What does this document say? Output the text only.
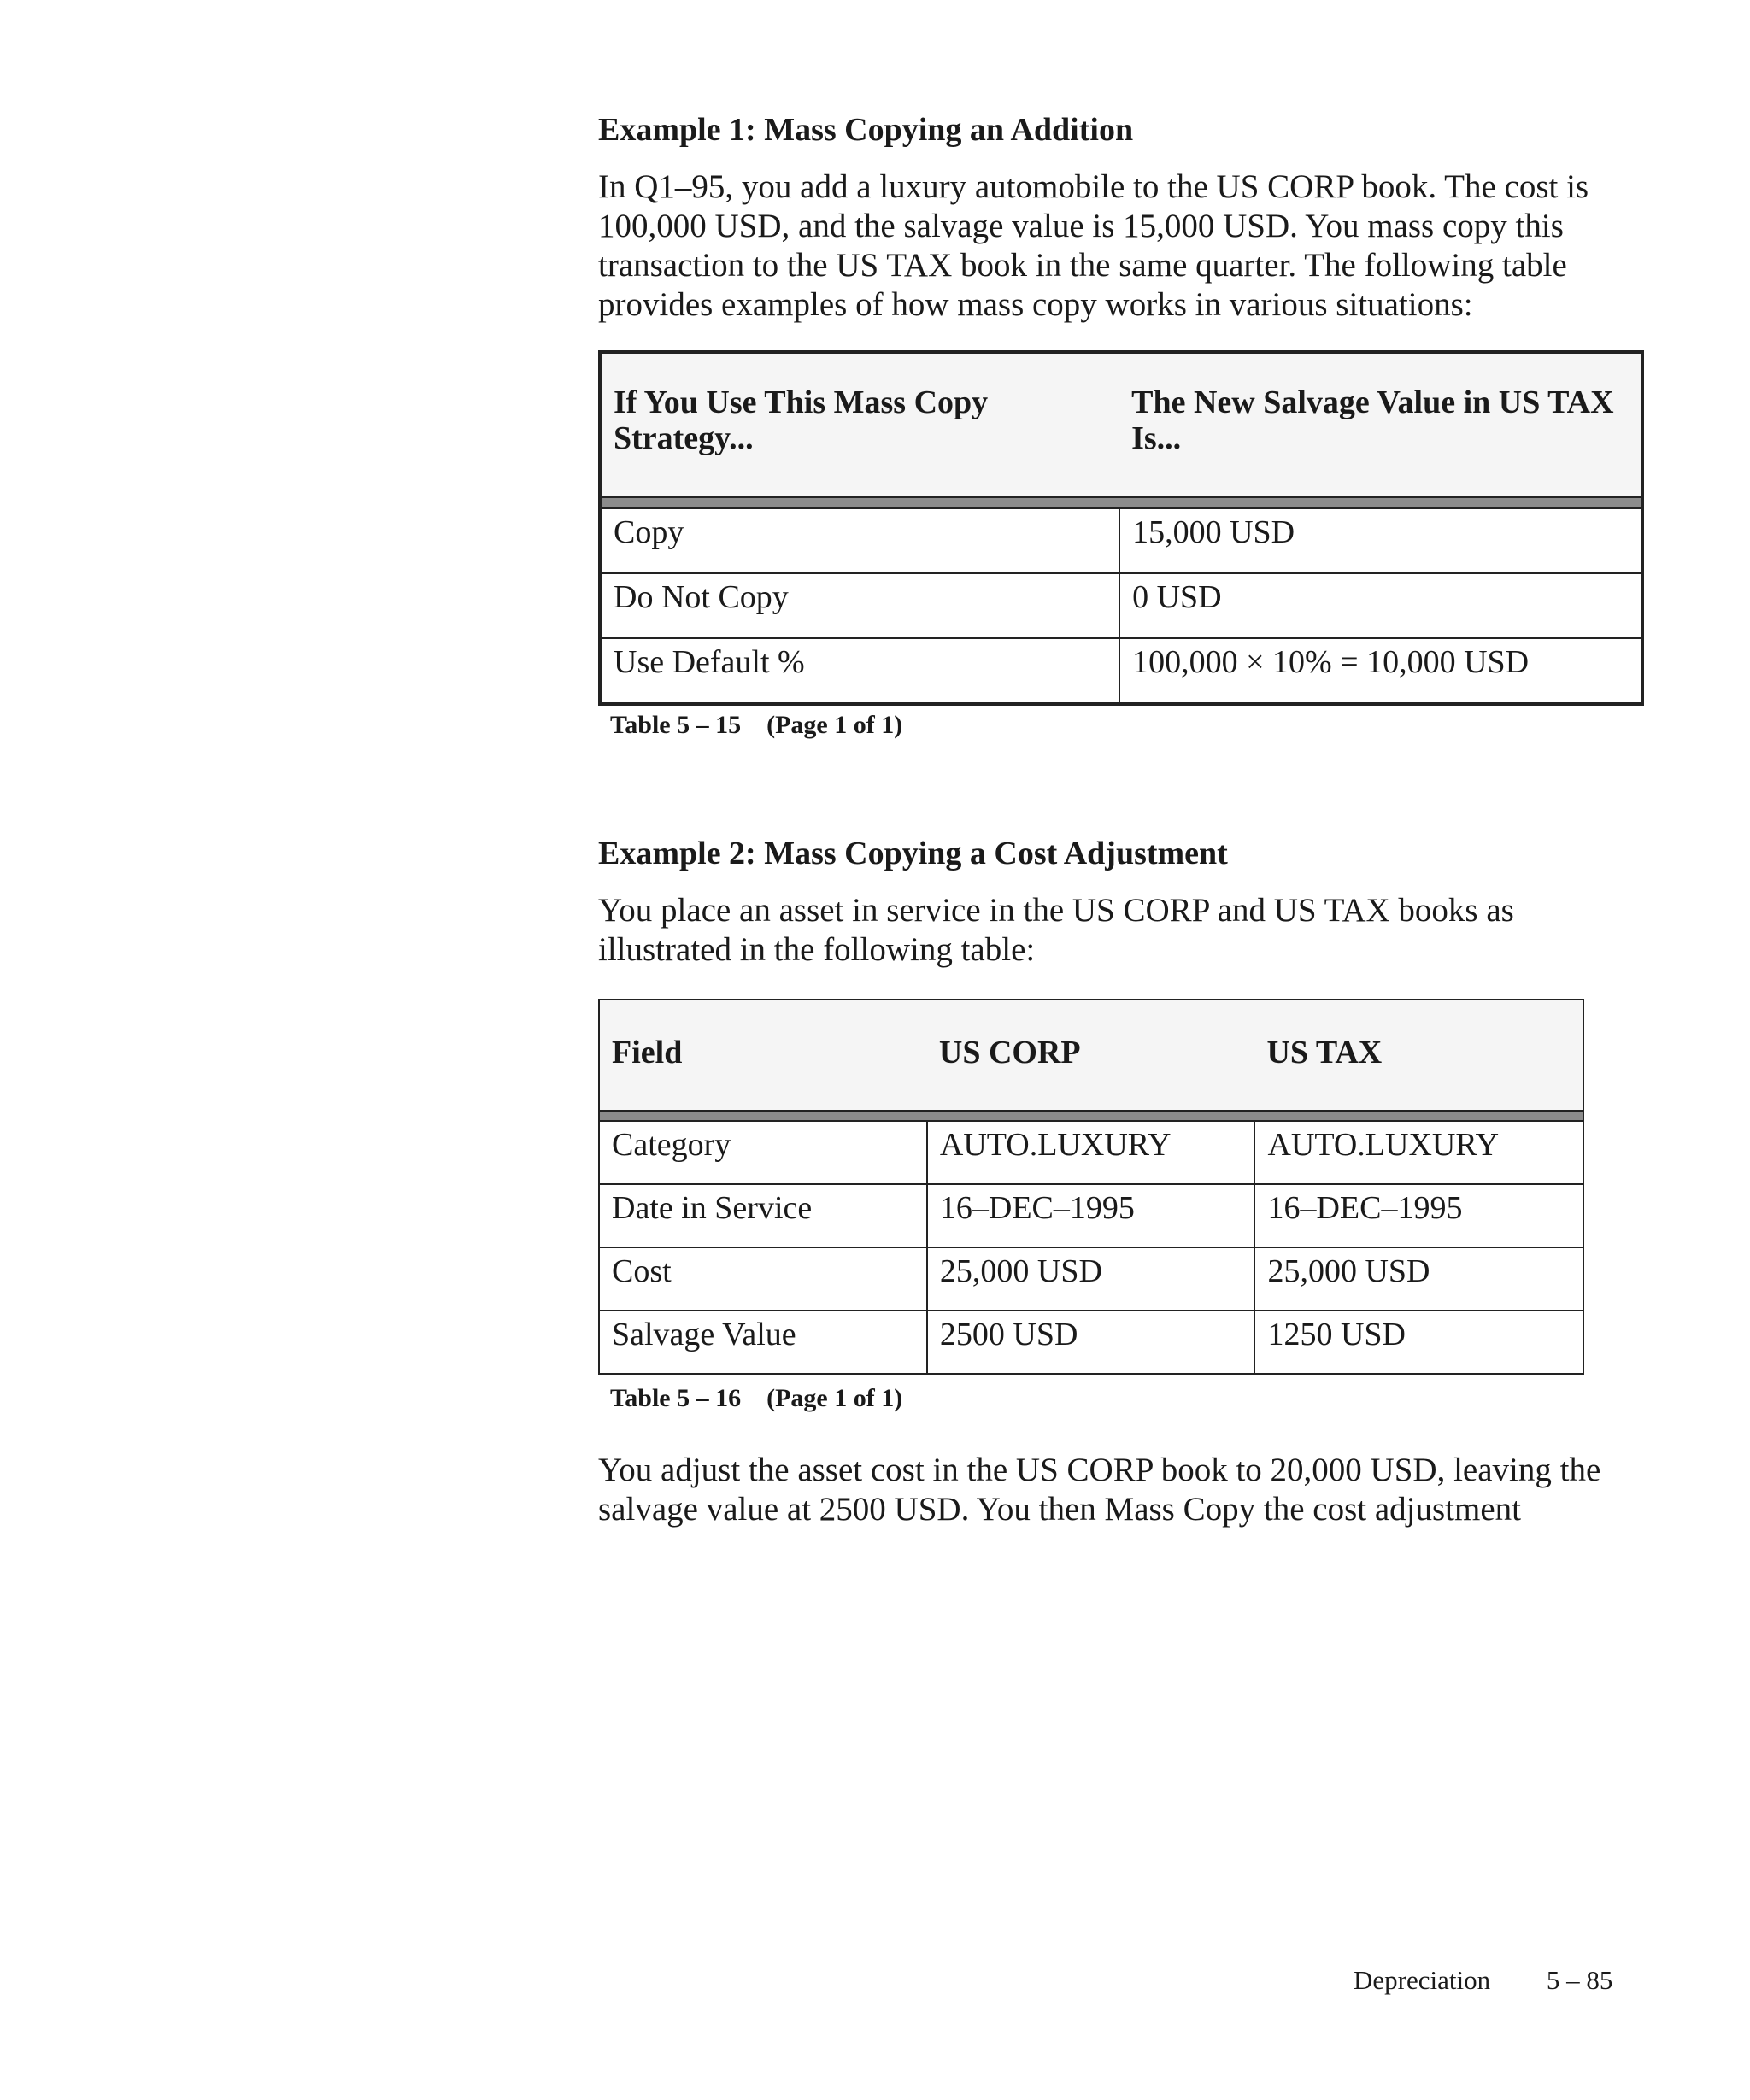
Example 1: Mass Copying an Addition

In Q1–95, you add a luxury automobile to the US CORP book. The cost is 100,000 USD, and the salvage value is 15,000 USD. You mass copy this transaction to the US TAX book in the same quarter. The following table provides examples of how mass copy works in various situations:

If You Use This Mass Copy Strategy...	The New Salvage Value in US TAX Is...

Copy	15,000 USD
Do Not Copy	0 USD
Use Default %	100,000 × 10% = 10,000 USD
Table 5 – 15    (Page 1 of 1)
Example 2: Mass Copying a Cost Adjustment

You place an asset in service in the US CORP and US TAX books as illustrated in the following table:

Field	US CORP	US TAX

Category	AUTO.LUXURY	AUTO.LUXURY
Date in Service	16–DEC–1995	16–DEC–1995
Cost	25,000 USD	25,000 USD
Salvage Value	2500 USD	1250 USD
Table 5 – 16    (Page 1 of 1)

You adjust the asset cost in the US CORP book to 20,000 USD, leaving the salvage value at 2500 USD. You then Mass Copy the cost adjustment

Depreciation 5 – 85
